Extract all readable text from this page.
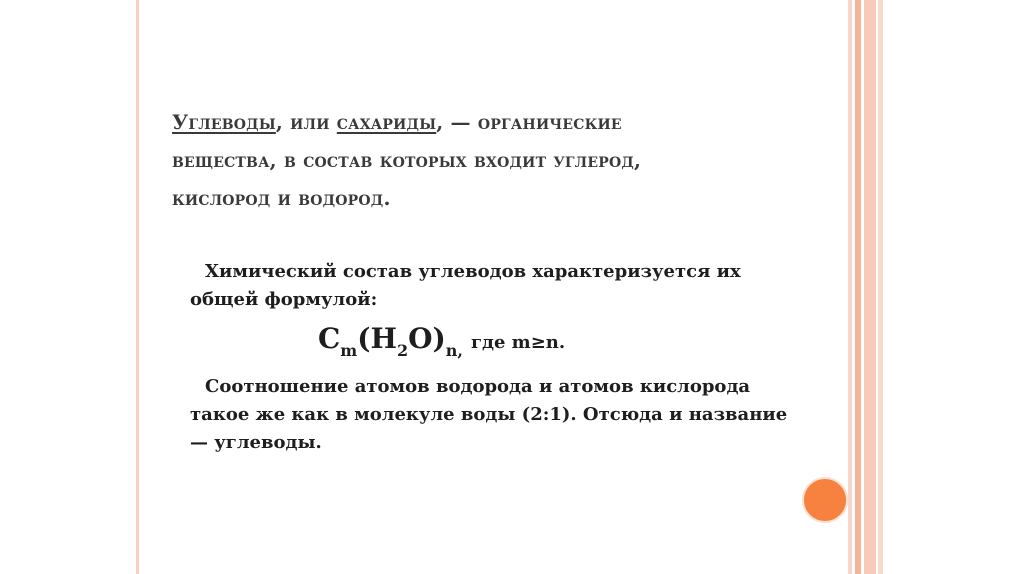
Углеводы, или сахариды, — органические
вещества, в состав которых входит углерод,
кислород и водород.
Химический состав углеводов характеризуется их
общей формулой:
$C_m(H_2O)_{n,}$ где m≥n.
Соотношение атомов водорода и атомов кислорода
такое же как в молекуле воды (2:1). Отсюда и название
— углеводы.
